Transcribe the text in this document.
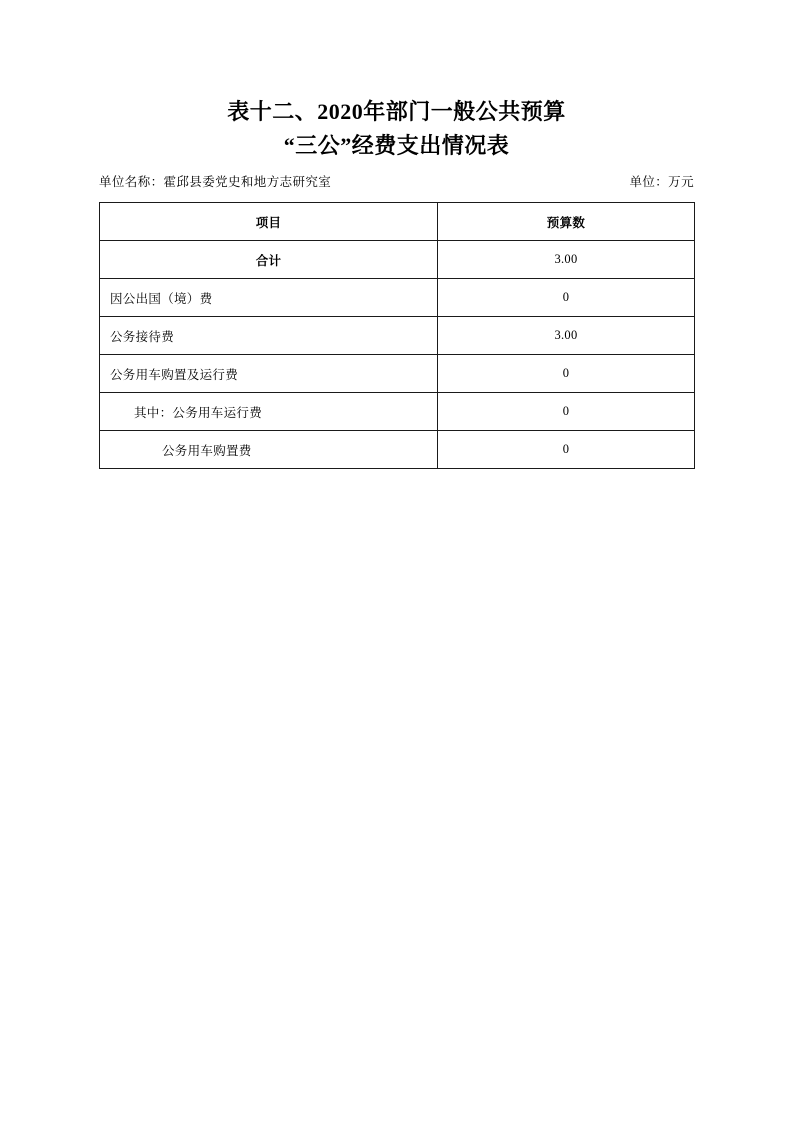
表十二、2020年部门一般公共预算
“三公”经费支出情况表
单位名称：霍邱县委党史和地方志研究室	单位：万元
项目	预算数
合计	3.00
因公出国（境）费	0
公务接待费	3.00
公务用车购置及运行费	0
其中：公务用车运行费	0
公务用车购置费	0
